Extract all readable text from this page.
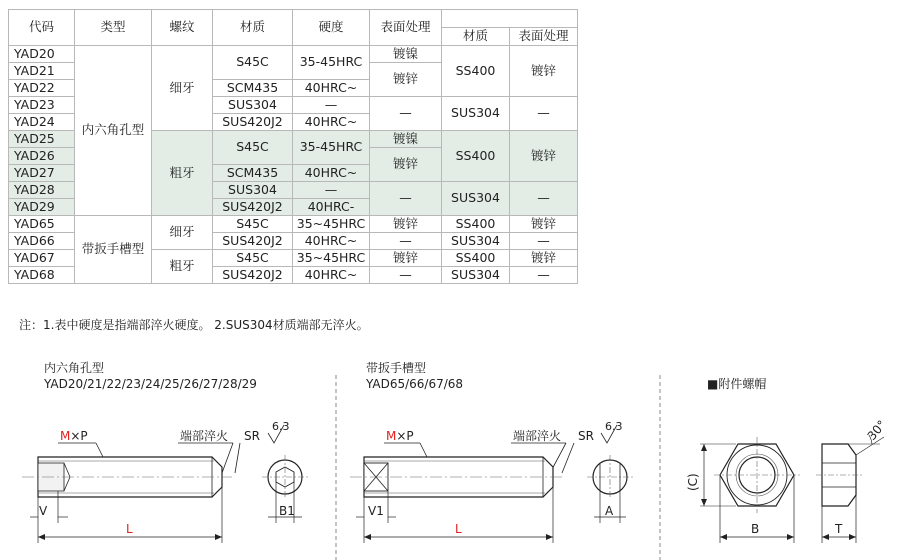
代码	类型	螺纹	材质	硬度	表面处理		
						材质	表面处理
YAD20	内六角孔型	细牙	S45C	35-45HRC	镀镍	SS400	镀锌
YAD21					镀锌		
YAD22			SCM435	40HRC~			
YAD23			SUS304	—	—	SUS304	—
YAD24			SUS420J2	40HRC~			
YAD25		粗牙	S45C	35-45HRC	镀镍	SS400	镀锌
YAD26					镀锌		
YAD27			SCM435	40HRC~			
YAD28			SUS304	—	—	SUS304	—
YAD29			SUS420J2	40HRC-			
YAD65	带扳手槽型	细牙	S45C	35~45HRC	镀锌	SS400	镀锌
YAD66			SUS420J2	40HRC~	—	SUS304	—
YAD67		粗牙	S45C	35~45HRC	镀锌	SS400	镀锌
YAD68			SUS420J2	40HRC~	—	SUS304	—
注：1.表中硬度是指端部淬火硬度。 2.SUS304材质端部无淬火。
内六角孔型
YAD20/21/22/23/24/25/26/27/28/29
M×P	端部淬火 SR
6.3
V
L
B1
带扳手槽型
YAD65/66/67/68
M×P	端部淬火 SR
6.3
V1
L
A
■附件螺帽
(C)
B
30°
T
